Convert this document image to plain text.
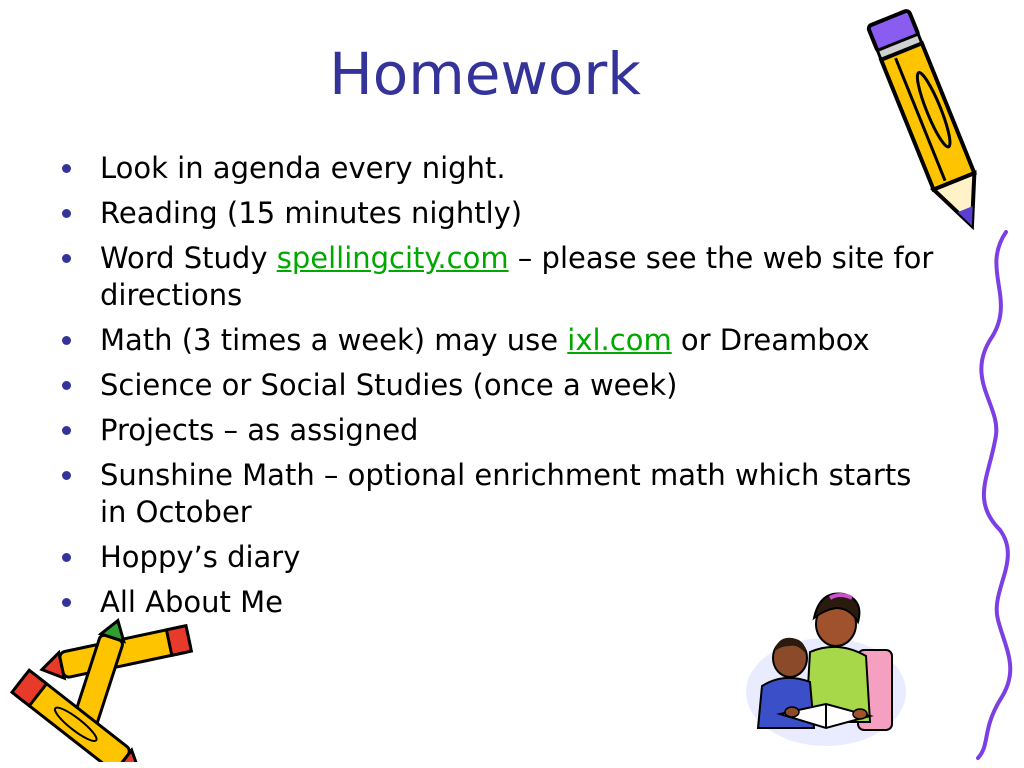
Homework
Look in agenda every night.
Reading (15 minutes nightly)
Word Study spellingcity.com – please see the web site for directions
Math (3 times a week) may use ixl.com or Dreambox
Science or Social Studies (once a week)
Projects – as assigned
Sunshine Math – optional enrichment math which starts in October
Hoppy’s diary
All About Me
